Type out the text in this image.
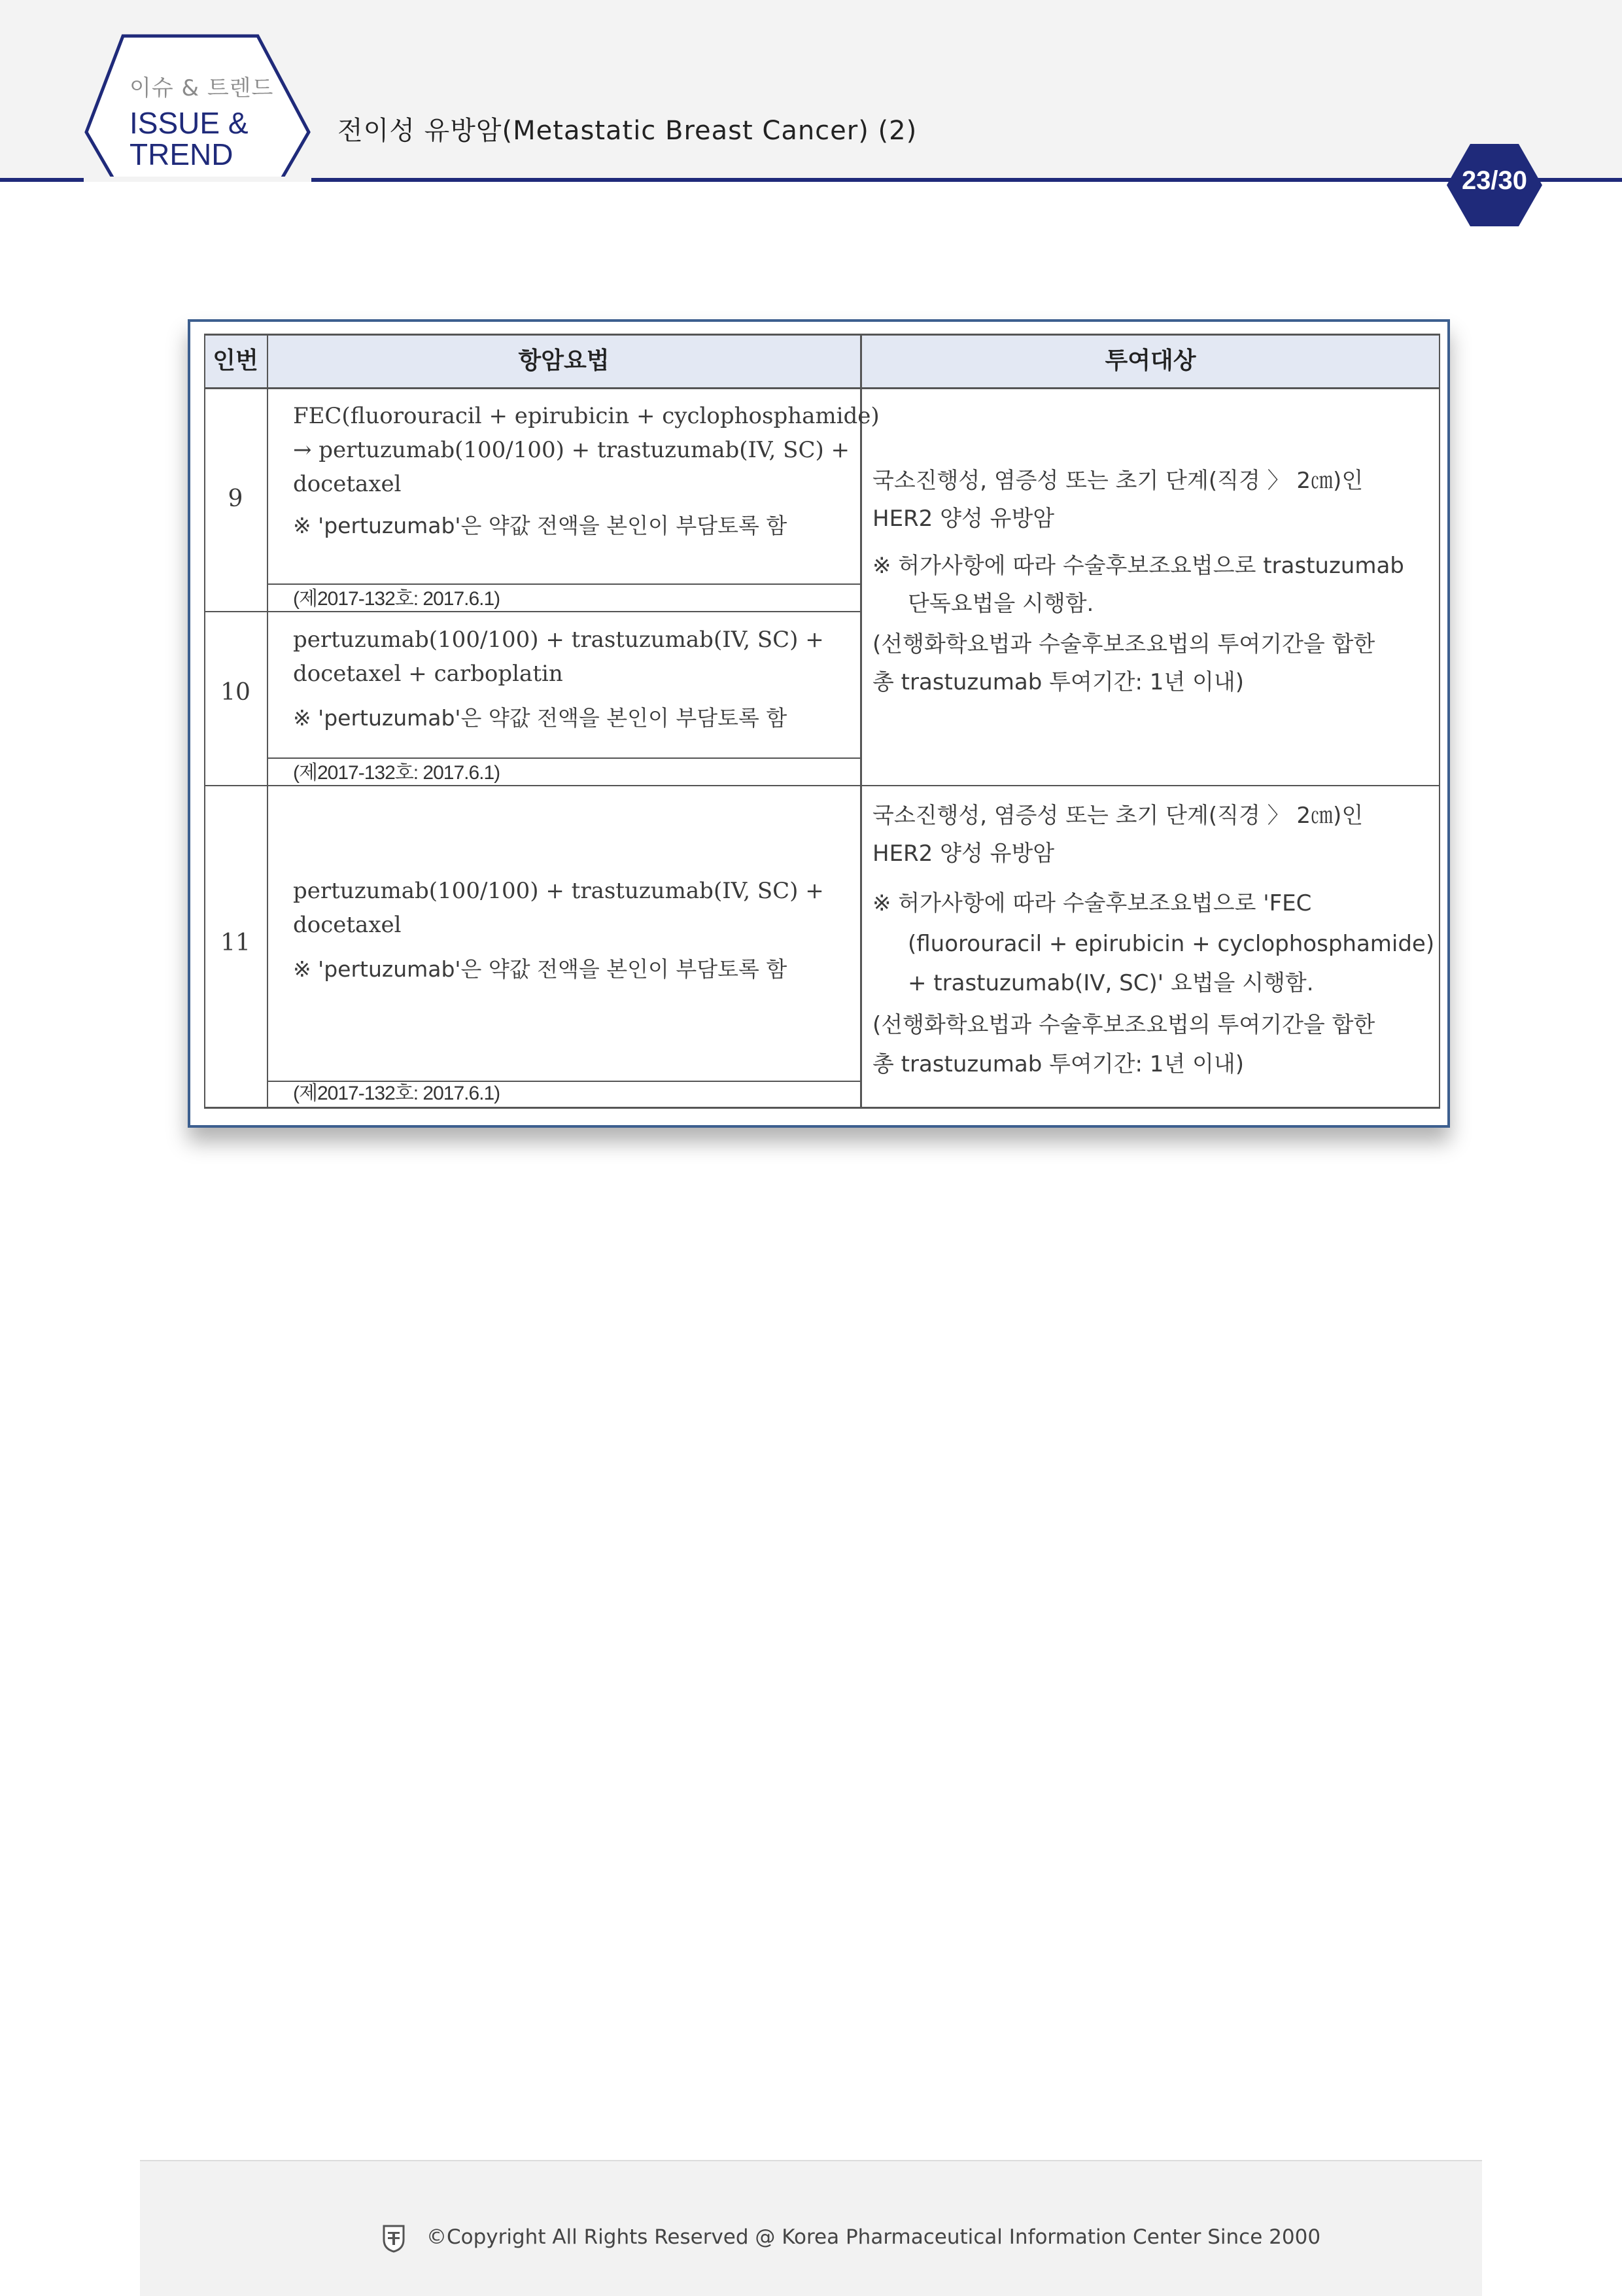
이슈 & 트렌드
ISSUE &
TREND
전이성 유방암(Metastatic Breast Cancer) (2)
23/30
인번	항암요법	투여대상
9
FEC(fluorouracil + epirubicin + cyclophosphamide)
→ pertuzumab(100/100) + trastuzumab(IV, SC) +
docetaxel
※ 'pertuzumab'은 약값 전액을 본인이 부담토록 함
(제2017-132호: 2017.6.1)
10
pertuzumab(100/100) + trastuzumab(IV, SC) +
docetaxel + carboplatin
※ 'pertuzumab'은 약값 전액을 본인이 부담토록 함
(제2017-132호: 2017.6.1)
11
pertuzumab(100/100) + trastuzumab(IV, SC) +
docetaxel
※ 'pertuzumab'은 약값 전액을 본인이 부담토록 함
(제2017-132호: 2017.6.1)
국소진행성, 염증성 또는 초기 단계(직경 〉 2㎝)인
HER2 양성 유방암
※ 허가사항에 따라 수술후보조요법으로 trastuzumab
단독요법을 시행함.
(선행화학요법과 수술후보조요법의 투여기간을 합한
총 trastuzumab 투여기간: 1년 이내)
국소진행성, 염증성 또는 초기 단계(직경 〉 2㎝)인
HER2 양성 유방암
※ 허가사항에 따라 수술후보조요법으로 'FEC
(fluorouracil + epirubicin + cyclophosphamide)
+ trastuzumab(IV, SC)' 요법을 시행함.
(선행화학요법과 수술후보조요법의 투여기간을 합한
총 trastuzumab 투여기간: 1년 이내)
©Copyright All Rights Reserved @ Korea Pharmaceutical Information Center Since 2000
